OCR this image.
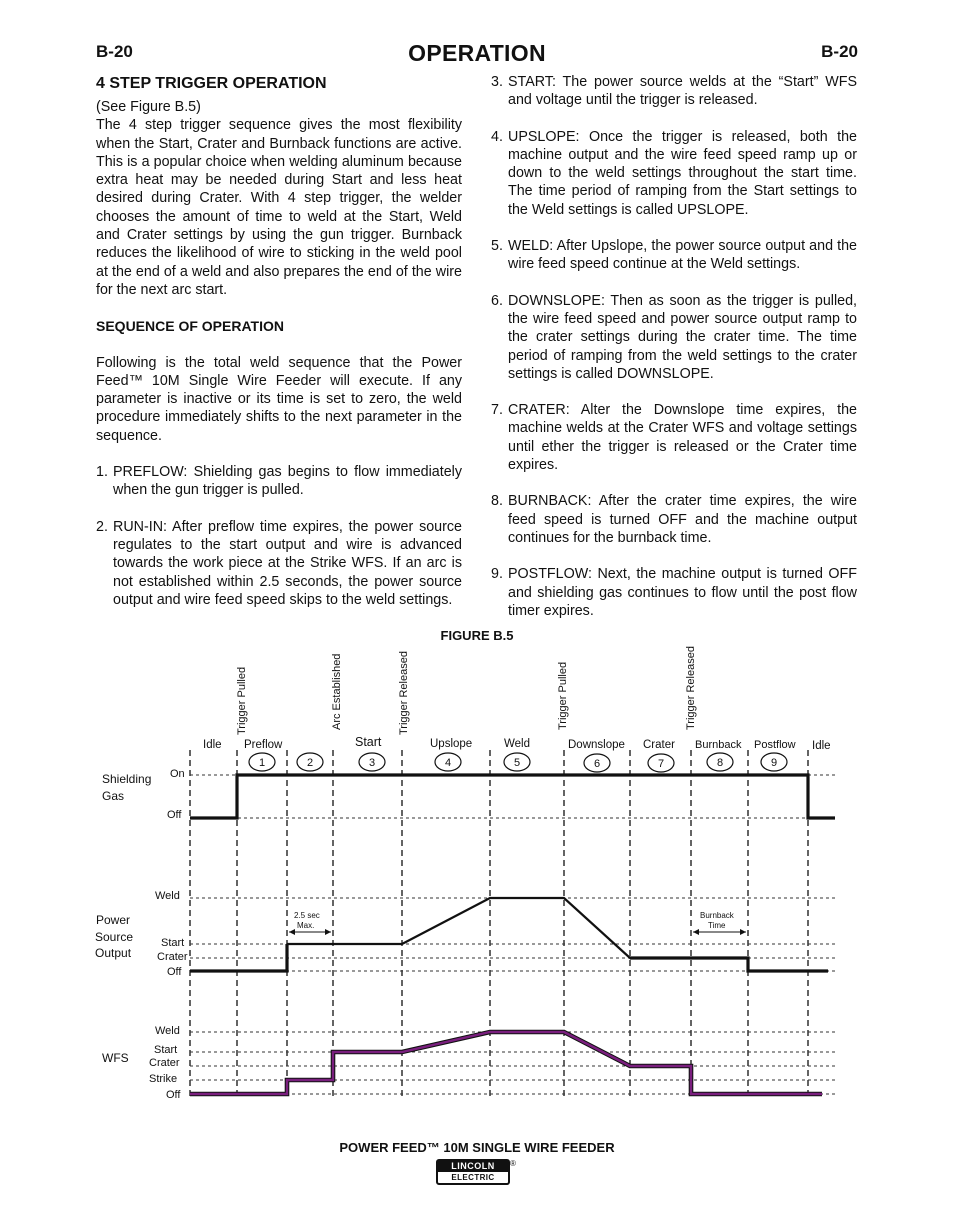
B-20	OPERATION	B-20
4 STEP TRIGGER OPERATION

(See Figure B.5)

The 4 step trigger sequence gives the most flexibility when the Start, Crater and Burnback functions are active. This is a popular choice when welding aluminum because extra heat may be needed during Start and less heat desired during Crater. With 4 step trigger, the welder chooses the amount of time to weld at the Start, Weld and Crater settings by using the gun trigger. Burnback reduces the likelihood of wire to sticking in the weld pool at the end of a weld and also prepares the end of the wire for the next arc start.

SEQUENCE OF OPERATION

Following is the total weld sequence that the Power Feed™ 10M Single Wire Feeder will execute. If any parameter is inactive or its time is set to zero, the weld procedure immediately shifts to the next parameter in the sequence.

1. PREFLOW: Shielding gas begins to flow immediately when the gun trigger is pulled.
2. RUN-IN: After preflow time expires, the power source regulates to the start output and wire is advanced towards the work piece at the Strike WFS. If an arc is not established within 2.5 seconds, the power source output and wire feed speed skips to the weld settings.
3. START: The power source welds at the “Start” WFS and voltage until the trigger is released.
4. UPSLOPE: Once the trigger is released, both the machine output and the wire feed speed ramp up or down to the weld settings throughout the start time. The time period of ramping from the Start settings to the Weld settings is called UPSLOPE.
5. WELD: After Upslope, the power source output and the wire feed speed continue at the Weld settings.
6. DOWNSLOPE: Then as soon as the trigger is pulled, the wire feed speed and power source output ramp to the crater settings during the crater time. The time period of ramping from the weld settings to the crater settings is called DOWNSLOPE.
7. CRATER: Alter the Downslope time expires, the machine welds at the Crater WFS and voltage settings until ether the trigger is released or the Crater time expires.
8. BURNBACK: After the crater time expires, the wire feed speed is turned OFF and the machine output continues for the burnback time.
9. POSTFLOW: Next, the machine output is turned OFF and shielding gas continues to flow until the post flow timer expires.
FIGURE B.5
Trigger Pulled	Arc Established	Trigger Released	Trigger Pulled	Trigger Released
Idle Preflow	Start	Upslope	Weld	Downslope Crater Burnback Postflow Idle
1	2	3	4	5	6	7	8	9
Shielding
Gas
On
Off
Power
Source
Output
Weld
Start
Crater
Off
2.5 sec
Max.
Burnback
Time
WFS
Weld
Start
Crater
Strike
Off
POWER FEED™ 10M SINGLE WIRE FEEDER
LINCOLN
ELECTRIC
®
